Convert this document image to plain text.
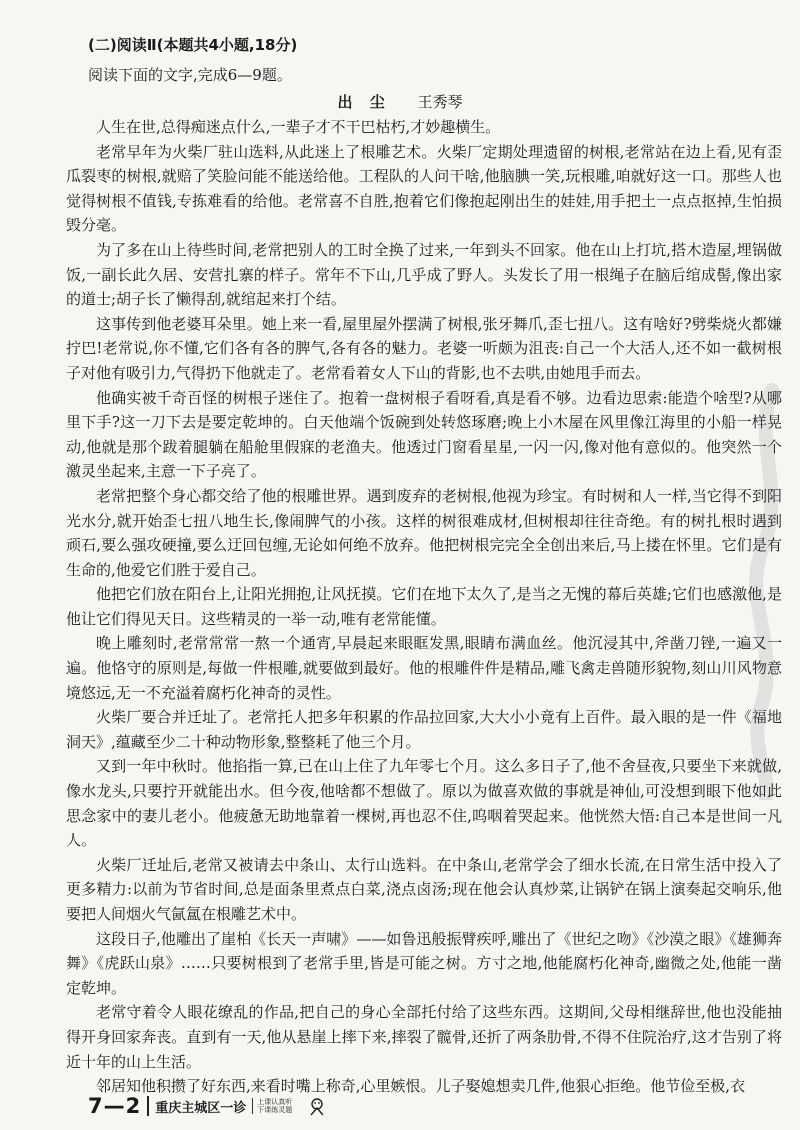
(二)阅读Ⅱ(本题共4小题,18分)
阅读下面的文字,完成6—9题。
出 尘 王秀琴

人生在世,总得痴迷点什么,一辈子才不干巴枯朽,才妙趣横生。

老常早年为火柴厂驻山选料,从此迷上了根雕艺术。火柴厂定期处理遗留的树根,老常站在边上看,见有歪瓜裂枣的树根,就赔了笑脸问能不能送给他。工程队的人问干啥,他脑腆一笑,玩根雕,咱就好这一口。那些人也觉得树根不值钱,专拣难看的给他。老常喜不自胜,抱着它们像抱起刚出生的娃娃,用手把土一点点抠掉,生怕损毁分毫。

为了多在山上待些时间,老常把别人的工时全换了过来,一年到头不回家。他在山上打坑,搭木造屋,埋锅做饭,一副长此久居、安营扎寨的样子。常年不下山,几乎成了野人。头发长了用一根绳子在脑后绾成髻,像出家的道士;胡子长了懒得刮,就绾起来打个结。

这事传到他老婆耳朵里。她上来一看,屋里屋外摆满了树根,张牙舞爪,歪七扭八。这有啥好?劈柴烧火都嫌拧巴!老常说,你不懂,它们各有各的脾气,各有各的魅力。老婆一听颇为沮丧:自己一个大活人,还不如一截树根子对他有吸引力,气得扔下他就走了。老常看着女人下山的背影,也不去哄,由她甩手而去。

他确实被千奇百怪的树根子迷住了。抱着一盘树根子看呀看,真是看不够。边看边思索:能造个啥型?从哪里下手?这一刀下去是要定乾坤的。白天他端个饭碗到处转悠琢磨;晚上小木屋在风里像江海里的小船一样晃动,他就是那个跋着腿躺在船舱里假寐的老渔夫。他透过门窗看星星,一闪一闪,像对他有意似的。他突然一个激灵坐起来,主意一下子亮了。

老常把整个身心都交给了他的根雕世界。遇到废弃的老树根,他视为珍宝。有时树和人一样,当它得不到阳光水分,就开始歪七扭八地生长,像闹脾气的小孩。这样的树很难成材,但树根却往往奇绝。有的树扎根时遇到顽石,要么强攻硬撞,要么迂回包缠,无论如何绝不放弃。他把树根完完全全创出来后,马上搂在怀里。它们是有生命的,他爱它们胜于爱自己。

他把它们放在阳台上,让阳光拥抱,让风抚摸。它们在地下太久了,是当之无愧的幕后英雄;它们也感激他,是他让它们得见天日。这些精灵的一举一动,唯有老常能懂。

晚上雕刻时,老常常常一熬一个通宵,早晨起来眼眶发黑,眼睛布满血丝。他沉浸其中,斧凿刀锉,一遍又一遍。他恪守的原则是,每做一件根雕,就要做到最好。他的根雕件件是精品,雕飞禽走兽随形貌物,刻山川风物意境悠远,无一不充溢着腐朽化神奇的灵性。

火柴厂要合并迁址了。老常托人把多年积累的作品拉回家,大大小小竟有上百件。最入眼的是一件《福地洞天》,蕴藏至少二十种动物形象,整整耗了他三个月。

又到一年中秋时。他掐指一算,已在山上住了九年零七个月。这么多日子了,他不舍昼夜,只要坐下来就做,像水龙头,只要拧开就能出水。但今夜,他啥都不想做了。原以为做喜欢做的事就是神仙,可没想到眼下他如此思念家中的妻儿老小。他疲惫无助地靠着一棵树,再也忍不住,呜咽着哭起来。他恍然大悟:自己本是世间一凡人。

火柴厂迁址后,老常又被请去中条山、太行山选料。在中条山,老常学会了细水长流,在日常生活中投入了更多精力:以前为节省时间,总是面条里煮点白菜,浇点卤汤;现在他会认真炒菜,让锅铲在锅上演奏起交响乐,他要把人间烟火气氤氲在根雕艺术中。

这段日子,他雕出了崖柏《长天一声啸》——如鲁迅般振臂疾呼,雕出了《世纪之吻》《沙漠之眼》《雄狮奔舞》《虎跃山泉》……只要树根到了老常手里,皆是可能之树。方寸之地,他能腐朽化神奇,幽微之处,他能一凿定乾坤。

老常守着令人眼花缭乱的作品,把自己的身心全部托付给了这些东西。这期间,父母相继辞世,他也没能抽得开身回家奔丧。直到有一天,他从悬崖上摔下来,摔裂了髋骨,还折了两条肋骨,不得不住院治疗,这才告别了将近十年的山上生活。

邻居知他积攒了好东西,来看时嘴上称奇,心里嫉恨。儿子娶媳想卖几件,他狠心拒绝。他节俭至极,衣

7—2 重庆主城区一诊	上课认真听
下课练灵题
